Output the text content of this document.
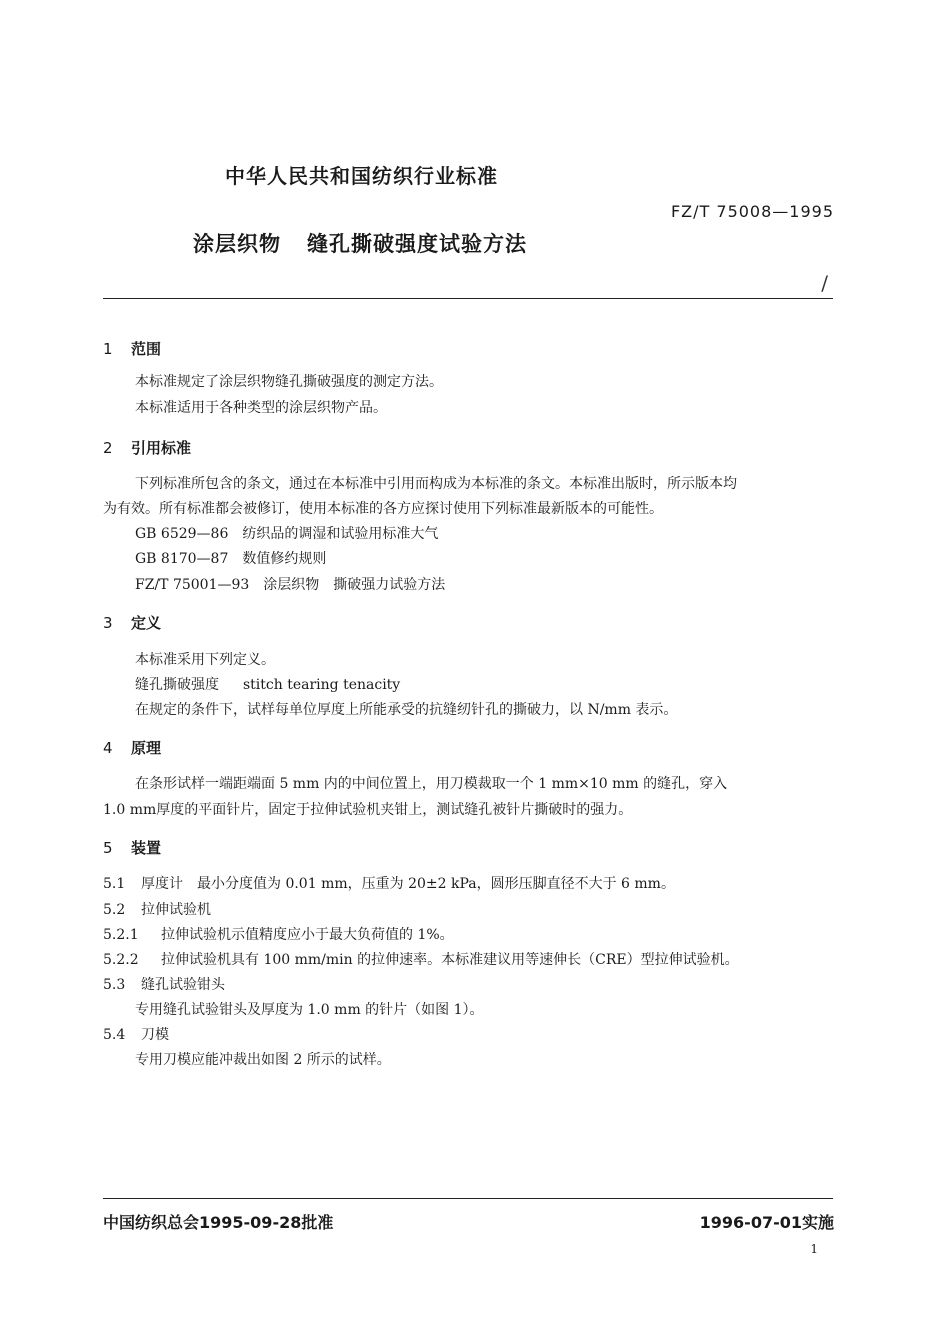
中华人民共和国纺织行业标准
FZ/T 75008—1995
涂层织物 缝孔撕破强度试验方法
/
1 范围
本标准规定了涂层织物缝孔撕破强度的测定方法。
本标准适用于各种类型的涂层织物产品。
2 引用标准
下列标准所包含的条文，通过在本标准中引用而构成为本标准的条文。本标准出版时，所示版本均
为有效。所有标准都会被修订，使用本标准的各方应探讨使用下列标准最新版本的可能性。
GB 6529—86 纺织品的调湿和试验用标准大气
GB 8170—87 数值修约规则
FZ/T 75001—93 涂层织物　撕破强力试验方法
3 定义
本标准采用下列定义。
缝孔撕破强度 stitch tearing tenacity
在规定的条件下，试样每单位厚度上所能承受的抗缝纫针孔的撕破力，以 N/mm 表示。
4 原理
在条形试样一端距端面 5 mm 内的中间位置上，用刀模裁取一个 1 mm×10 mm 的缝孔，穿入
1.0 mm厚度的平面针片，固定于拉伸试验机夹钳上，测试缝孔被针片撕破时的强力。
5 装置
5.1 厚度计　最小分度值为 0.01 mm，压重为 20±2 kPa，圆形压脚直径不大于 6 mm。
5.2 拉伸试验机
5.2.1 拉伸试验机示值精度应小于最大负荷值的 1%。
5.2.2 拉伸试验机具有 100 mm/min 的拉伸速率。本标准建议用等速伸长（CRE）型拉伸试验机。
5.3 缝孔试验钳头
专用缝孔试验钳头及厚度为 1.0 mm 的针片（如图 1）。
5.4 刀模
专用刀模应能冲裁出如图 2 所示的试样。
中国纺织总会1995-09-28批准	1996-07-01实施
1
